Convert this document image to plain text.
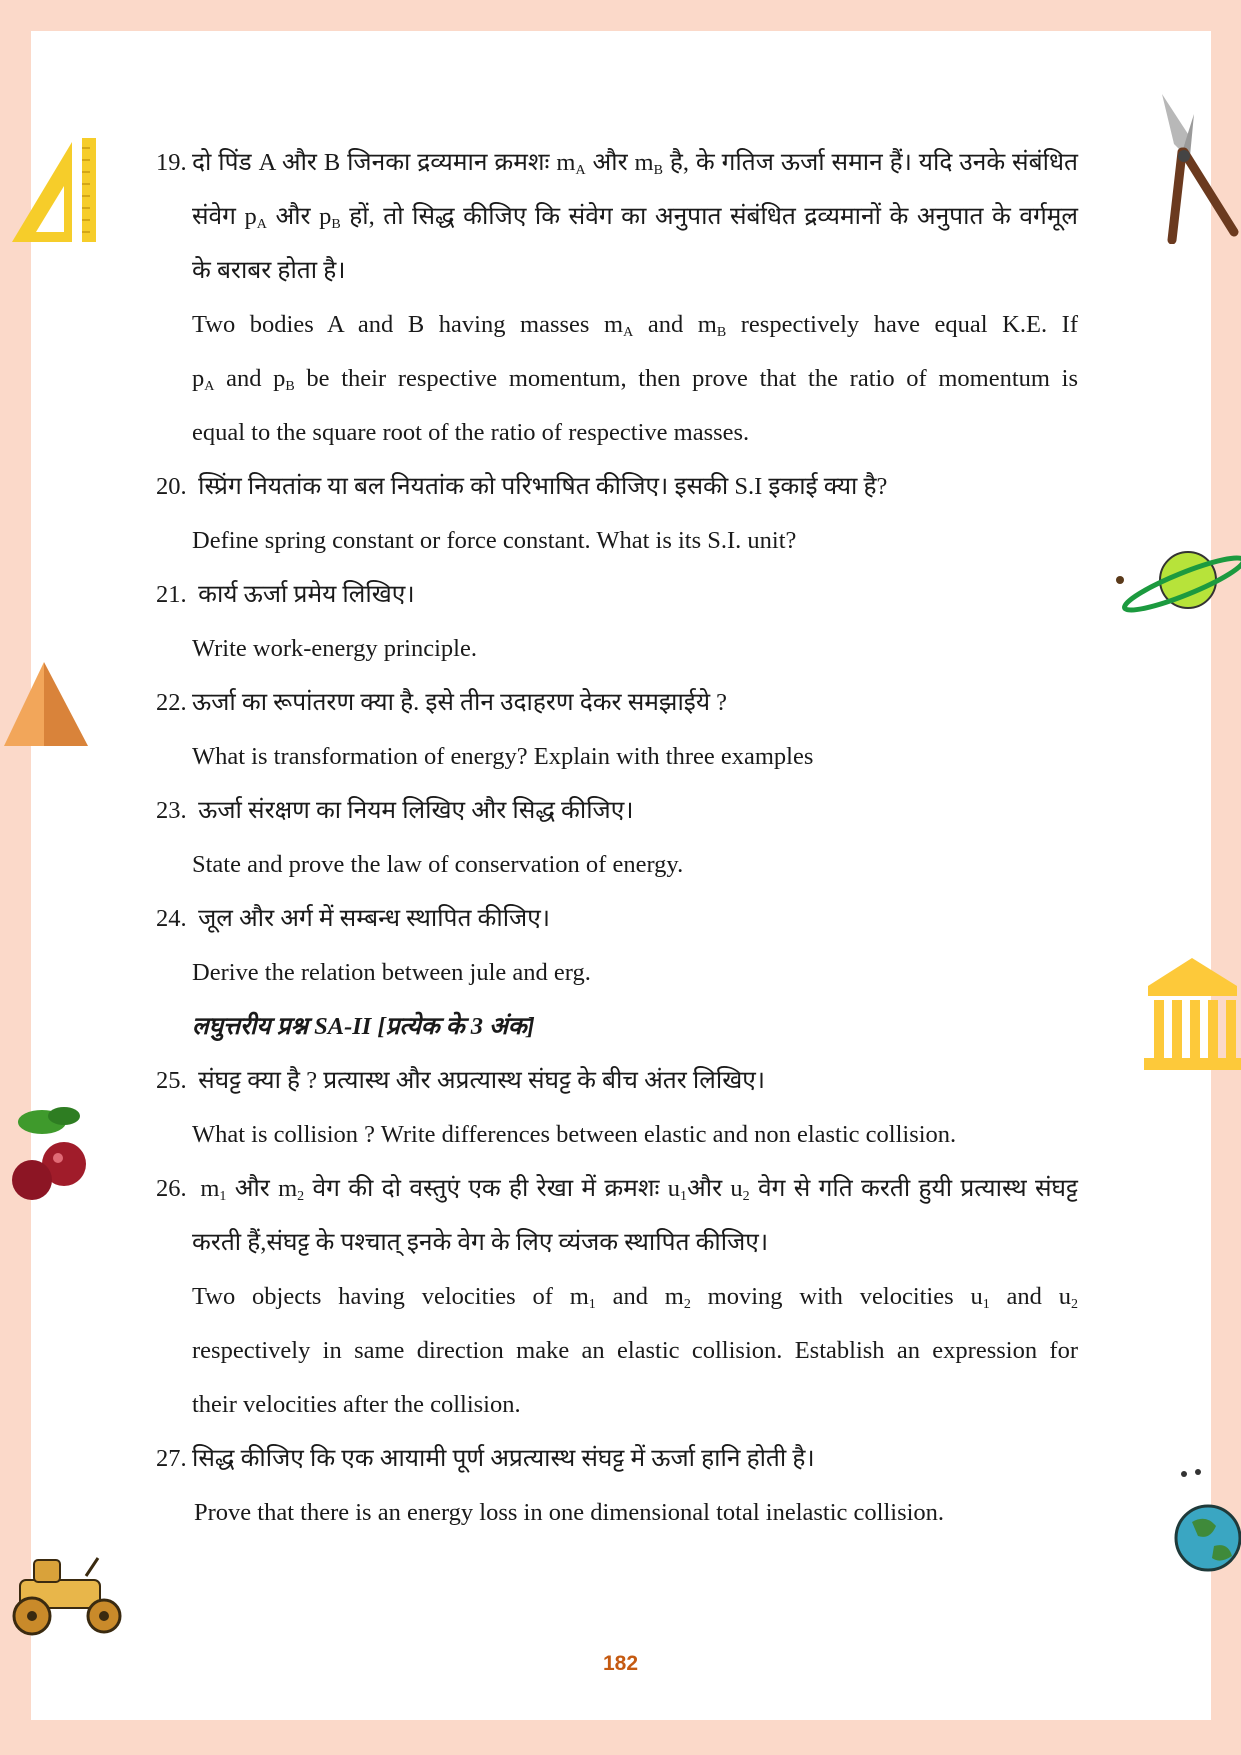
19. दो पिंड A और B जिनका द्रव्यमान क्रमशः $m_A$ और $m_B$ है, के गतिज ऊर्जा समान हैं। यदि उनके संबंधित
संवेग $p_A$ और $p_B$ हों, तो सिद्ध कीजिए कि संवेग का अनुपात संबंधित द्रव्यमानों के अनुपात के वर्गमूल
के बराबर होता है।
Two bodies A and B having masses $m_A$ and $m_B$ respectively have equal K.E. If
$p_A$ and $p_B$ be their respective momentum, then prove that the ratio of momentum is
equal to the square root of the ratio of respective masses.
20. स्प्रिंग नियतांक या बल नियतांक को परिभाषित कीजिए। इसकी S.I इकाई क्या है?
Define spring constant or force constant. What is its S.I. unit?
21. कार्य ऊर्जा प्रमेय लिखिए।
Write work-energy principle.
22. ऊर्जा का रूपांतरण क्या है. इसे तीन उदाहरण देकर समझाईये ?
What is transformation of energy? Explain with three examples
23. ऊर्जा संरक्षण का नियम लिखिए और सिद्ध कीजिए।
State and prove the law of conservation of energy.
24. जूल और अर्ग में सम्बन्ध स्थापित कीजिए।
Derive the relation between jule and erg.
लघुत्तरीय प्रश्न SA-II [प्रत्येक के 3 अंक]
25. संघट्ट क्या है ? प्रत्यास्थ और अप्रत्यास्थ संघट्ट के बीच अंतर लिखिए।
What is collision ? Write differences between elastic and non elastic collision.
26. $m_1$ और $m_2$ वेग की दो वस्तुएं एक ही रेखा में क्रमशः $u_1और$ $u_2$ वेग से गति करती हुयी प्रत्यास्थ संघट्ट
करती हैं,संघट्ट के पश्चात् इनके वेग के लिए व्यंजक स्थापित कीजिए।
Two objects having velocities of $m_1$ and $m_2$ moving with velocities $u_1$ and $u_2$
respectively in same direction make an elastic collision. Establish an expression for
their velocities after the collision.
27. सिद्ध कीजिए कि एक आयामी पूर्ण अप्रत्यास्थ संघट्ट में ऊर्जा हानि होती है।
Prove that there is an energy loss in one dimensional total inelastic collision.
182
